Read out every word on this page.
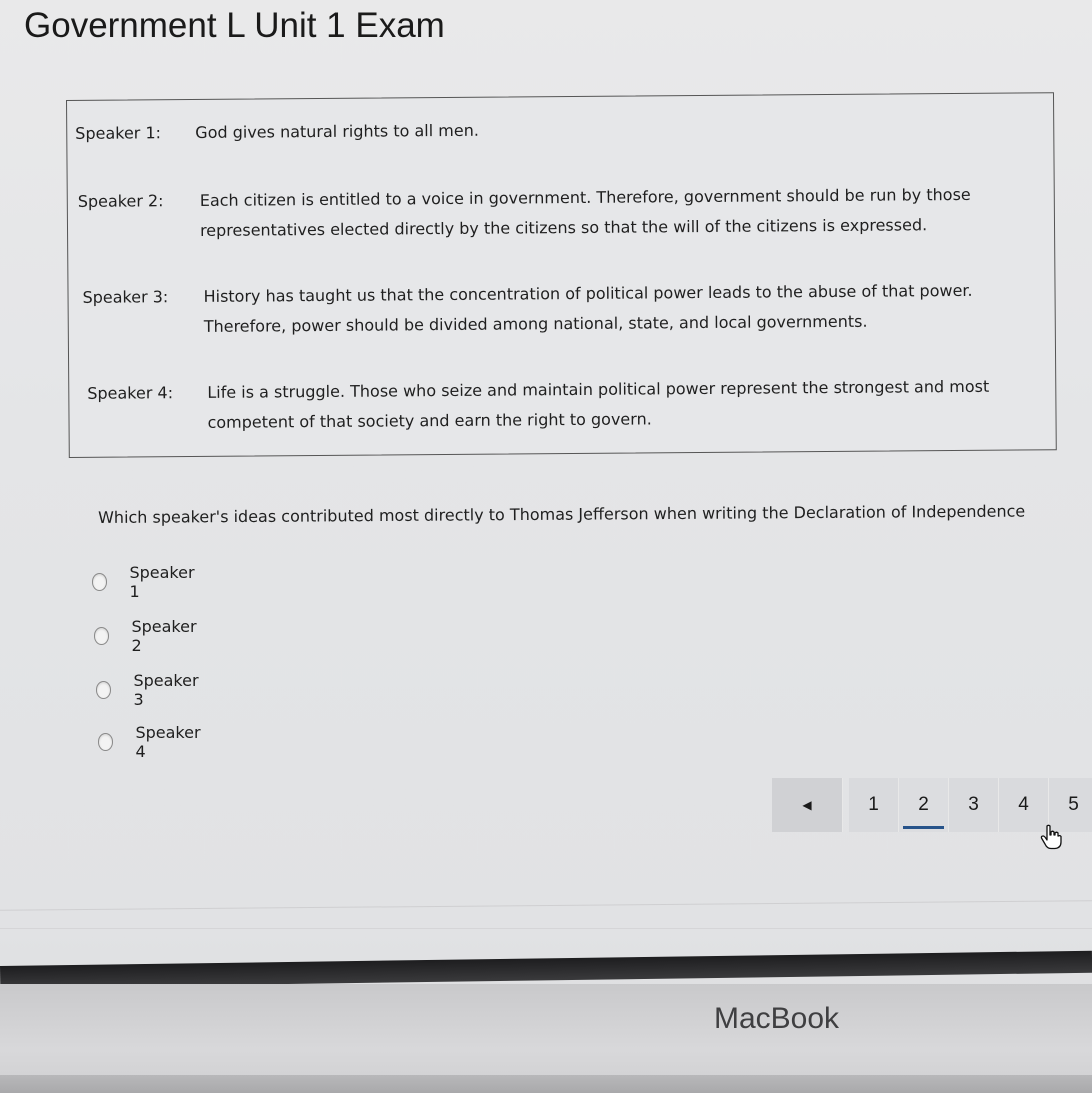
Government L Unit 1 Exam
Speaker 1: God gives natural rights to all men.
Speaker 2: Each citizen is entitled to a voice in government. Therefore, government should be run by those representatives elected directly by the citizens so that the will of the citizens is expressed.
Speaker 3: History has taught us that the concentration of political power leads to the abuse of that power. Therefore, power should be divided among national, state, and local governments.
Speaker 4: Life is a struggle. Those who seize and maintain political power represent the strongest and most competent of that society and earn the right to govern.
Which speaker's ideas contributed most directly to Thomas Jefferson when writing the Declaration of Independence
Speaker 1
Speaker 2
Speaker 3
Speaker 4
◀	1	2	3	4	5
MacBook
